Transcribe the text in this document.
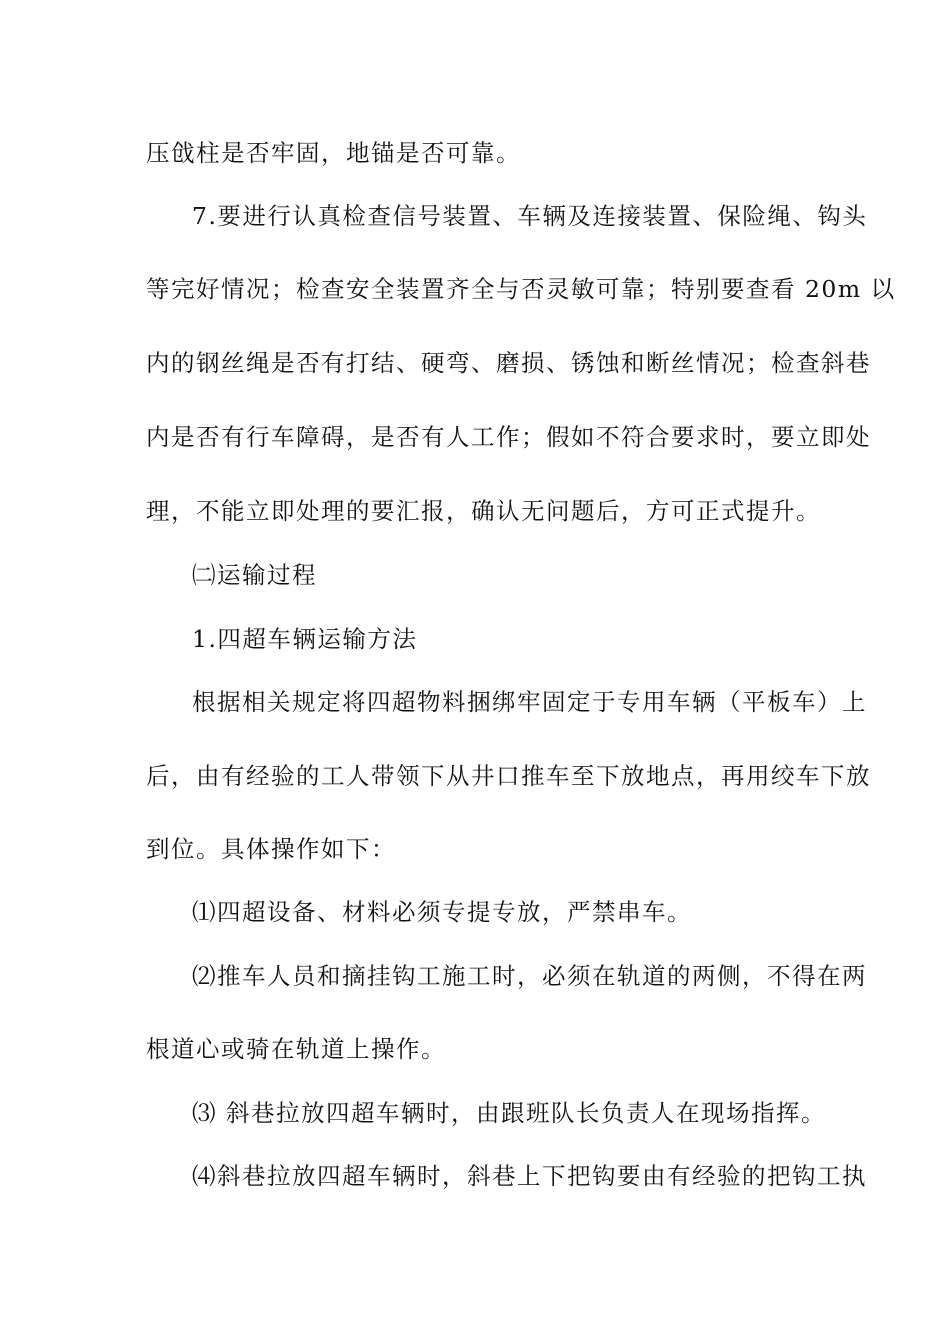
压戗柱是否牢固，地锚是否可靠。
7.要进行认真检查信号装置、车辆及连接装置、保险绳、钩头
等完好情况；检查安全装置齐全与否灵敏可靠；特别要查看 20m 以
内的钢丝绳是否有打结、硬弯、磨损、锈蚀和断丝情况；检查斜巷
内是否有行车障碍，是否有人工作；假如不符合要求时，要立即处
理，不能立即处理的要汇报，确认无问题后，方可正式提升。
㈡运输过程
1.四超车辆运输方法
根据相关规定将四超物料捆绑牢固定于专用车辆（平板车）上
后，由有经验的工人带领下从井口推车至下放地点，再用绞车下放
到位。具体操作如下：
⑴四超设备、材料必须专提专放，严禁串车。
⑵推车人员和摘挂钩工施工时，必须在轨道的两侧，不得在两
根道心或骑在轨道上操作。
⑶ 斜巷拉放四超车辆时，由跟班队长负责人在现场指挥。
⑷斜巷拉放四超车辆时，斜巷上下把钩要由有经验的把钩工执
